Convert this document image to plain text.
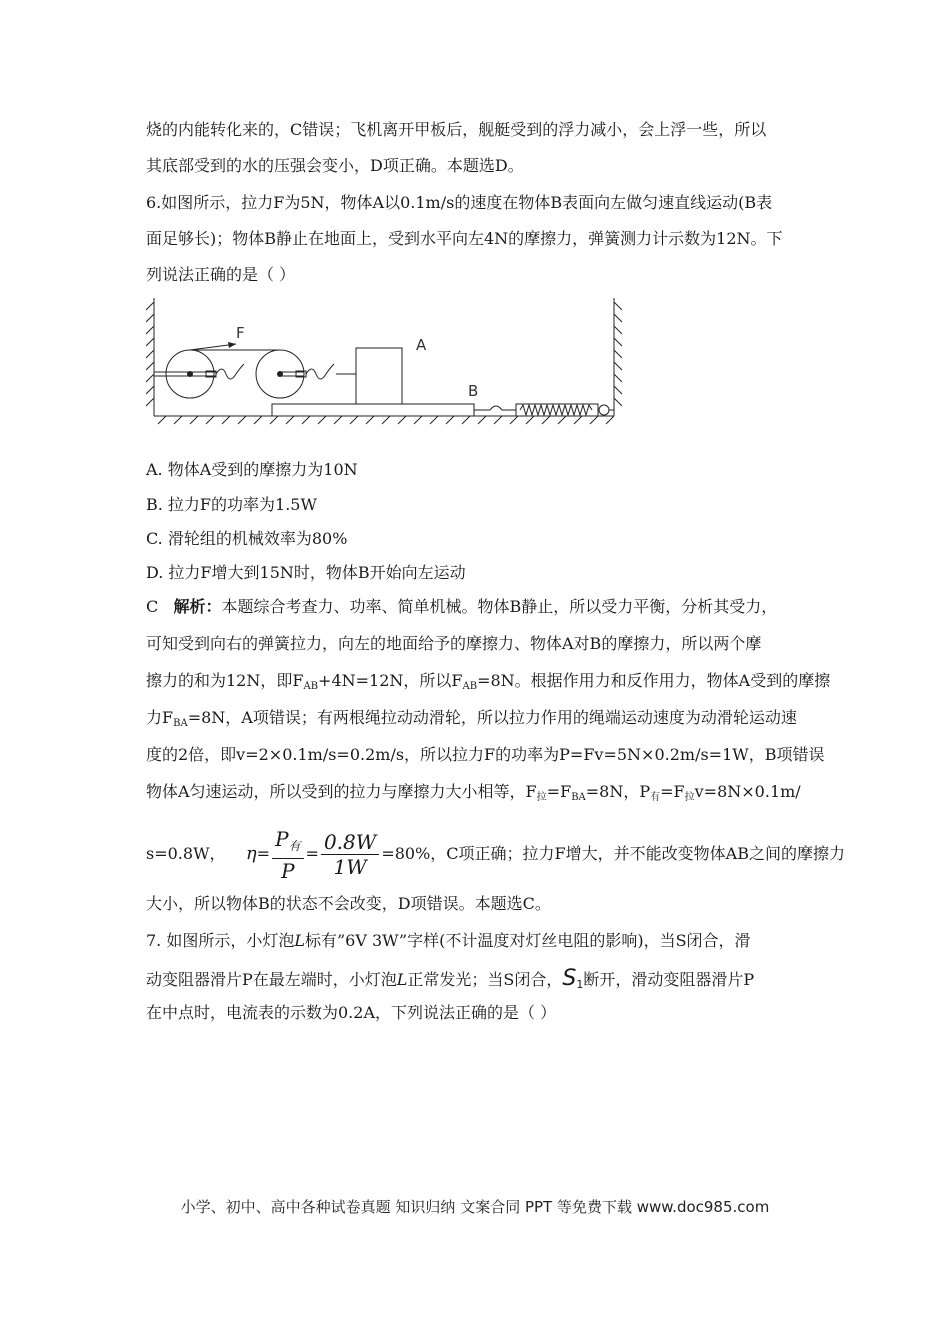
烧的内能转化来的，C错误；飞机离开甲板后，舰艇受到的浮力减小，会上浮一些，所以
其底部受到的水的压强会变小，D项正确。本题选D。
6.如图所示，拉力F为5N，物体A以0.1m/s的速度在物体B表面向左做匀速直线运动(B表
面足够长)；物体B静止在地面上，受到水平向左4N的摩擦力，弹簧测力计示数为12N。下
列说法正确的是（ ）
F
A
B
A. 物体A受到的摩擦力为10N
B. 拉力F的功率为1.5W
C. 滑轮组的机械效率为80%
D. 拉力F增大到15N时，物体B开始向左运动
C 解析：本题综合考查力、功率、简单机械。物体B静止，所以受力平衡，分析其受力，
可知受到向右的弹簧拉力，向左的地面给予的摩擦力、物体A对B的摩擦力，所以两个摩
擦力的和为12N，即$F_{AB}+4N=12N$，所以$F_{AB}=8N$。根据作用力和反作用力，物体A受到的摩擦
力$F_{BA}=8N$，A项错误；有两根绳拉动动滑轮，所以拉力作用的绳端运动速度为动滑轮运动速
度的2倍，即v=2×0.1m/s=0.2m/s，所以拉力F的功率为P=Fv=5N×0.2m/s=1W，B项错误
物体A匀速运动，所以受到的拉力与摩擦力大小相等，$F_拉=F_{BA}=8N$，$P_有=F_拉v=8N\times 0.1m/$
s=0.8W， $\eta= \frac{P_有}{P} = \frac{0.8W}{1W} =80\%$，C项正确；拉力F增大，并不能改变物体AB之间的摩擦力
大小，所以物体B的状态不会改变，D项错误。本题选C。
7. 如图所示，小灯泡L标有”6V 3W”字样(不计温度对灯丝电阻的影响)，当S闭合，滑
动变阻器滑片P在最左端时，小灯泡L正常发光；当S闭合，$S_1$断开，滑动变阻器滑片P
在中点时，电流表的示数为0.2A，下列说法正确的是（ ）
小学、初中、高中各种试卷真题 知识归纳 文案合同 PPT 等免费下载 www.doc985.com
